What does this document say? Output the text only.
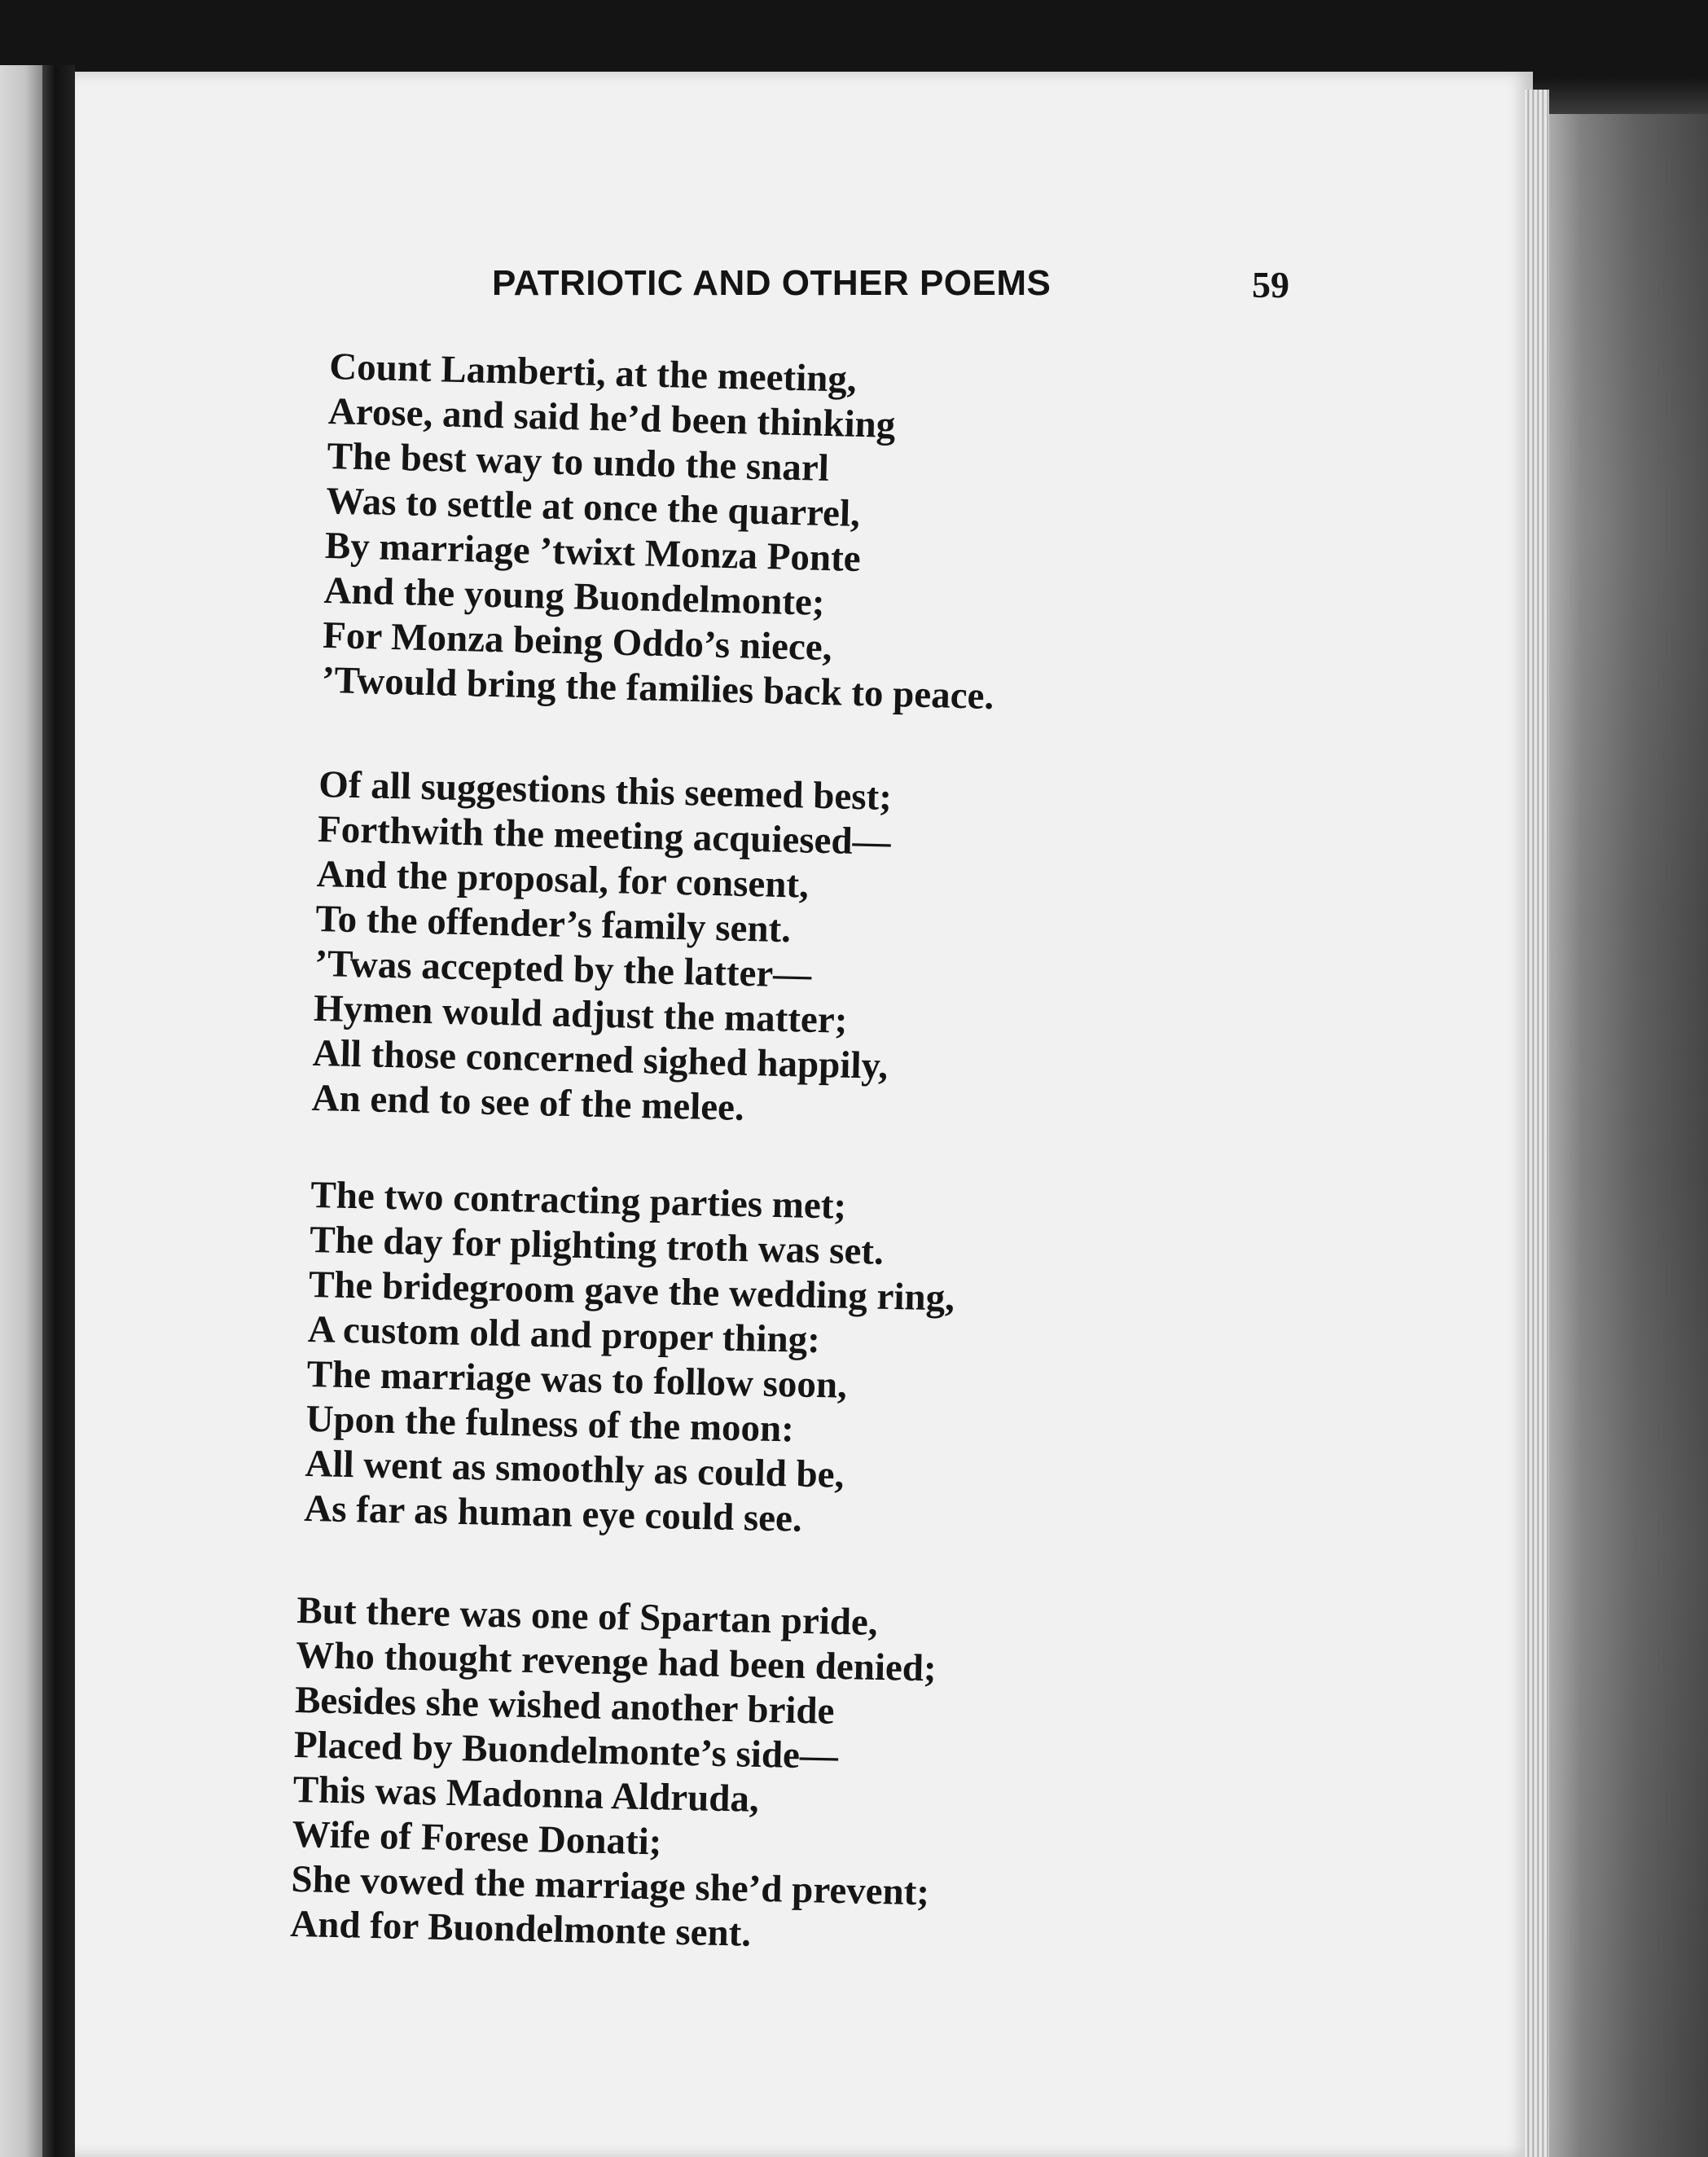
PATRIOTIC AND OTHER POEMS	59
Count Lamberti, at the meeting,
Arose, and said he’d been thinking
The best way to undo the snarl
Was to settle at once the quarrel,
By marriage ’twixt Monza Ponte
And the young Buondelmonte;
For Monza being Oddo’s niece,
’Twould bring the families back to peace.
Of all suggestions this seemed best;
Forthwith the meeting acquiesed—
And the proposal, for consent,
To the offender’s family sent.
’Twas accepted by the latter—
Hymen would adjust the matter;
All those concerned sighed happily,
An end to see of the melee.
The two contracting parties met;
The day for plighting troth was set.
The bridegroom gave the wedding ring,
A custom old and proper thing:
The marriage was to follow soon,
Upon the fulness of the moon:
All went as smoothly as could be,
As far as human eye could see.
But there was one of Spartan pride,
Who thought revenge had been denied;
Besides she wished another bride
Placed by Buondelmonte’s side—
This was Madonna Aldruda,
Wife of Forese Donati;
She vowed the marriage she’d prevent;
And for Buondelmonte sent.
